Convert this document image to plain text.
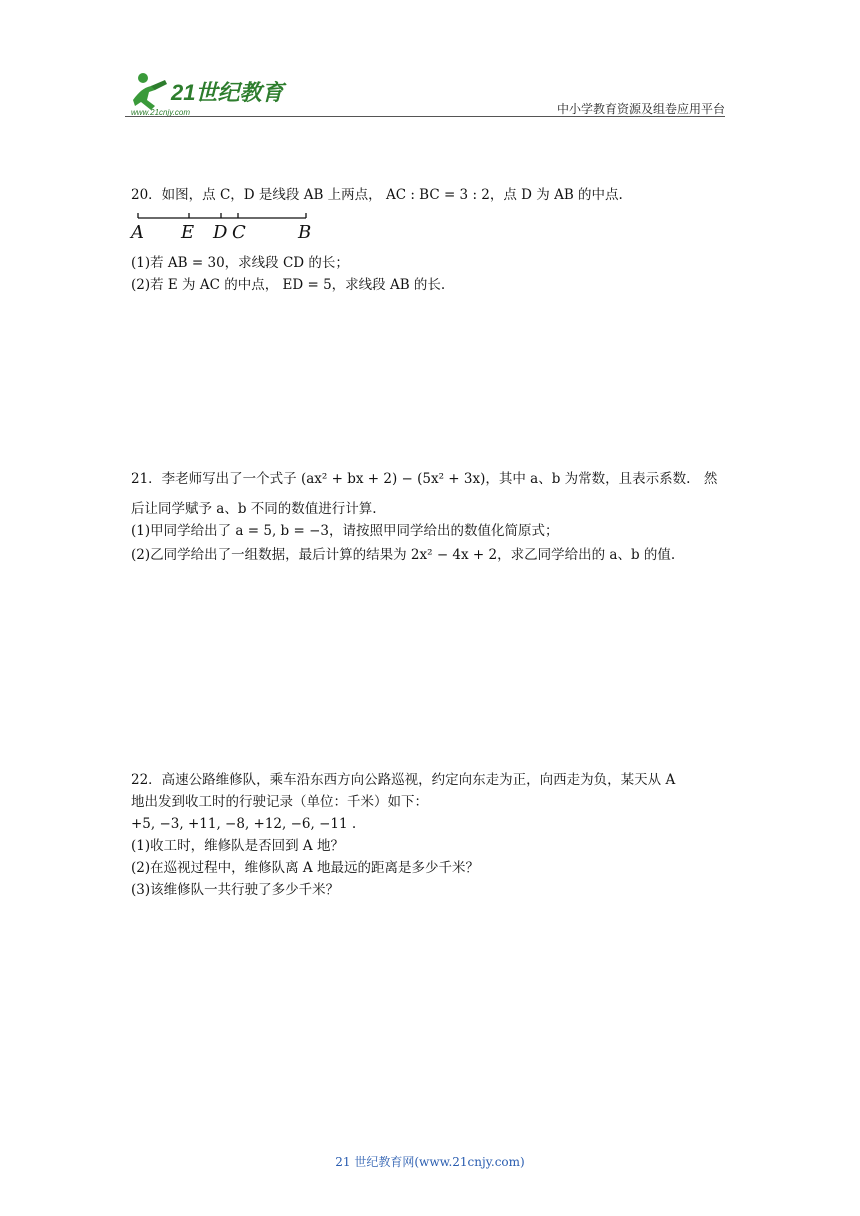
21世纪教育
www.21cnjy.com	中小学教育资源及组卷应用平台
20．如图，点 C，D 是线段 AB 上两点， AC : BC = 3 : 2，点 D 为 AB 的中点.
A E D C	B
(1)若 AB = 30，求线段 CD 的长；
(2)若 E 为 AC 的中点， ED = 5，求线段 AB 的长.
21．李老师写出了一个式子 (ax² + bx + 2) − (5x² + 3x)，其中 a、b 为常数，且表示系数.　然
后让同学赋予 a、b 不同的数值进行计算.
(1)甲同学给出了 a = 5, b = −3，请按照甲同学给出的数值化简原式；
(2)乙同学给出了一组数据，最后计算的结果为 2x² − 4x + 2，求乙同学给出的 a、b 的值.
22．高速公路维修队，乘车沿东西方向公路巡视，约定向东走为正，向西走为负，某天从 A
地出发到收工时的行驶记录（单位：千米）如下：
+5, −3, +11, −8, +12, −6, −11 .
(1)收工时，维修队是否回到 A 地？
(2)在巡视过程中，维修队离 A 地最远的距离是多少千米？
(3)该维修队一共行驶了多少千米？
21 世纪教育网(www.21cnjy.com)
